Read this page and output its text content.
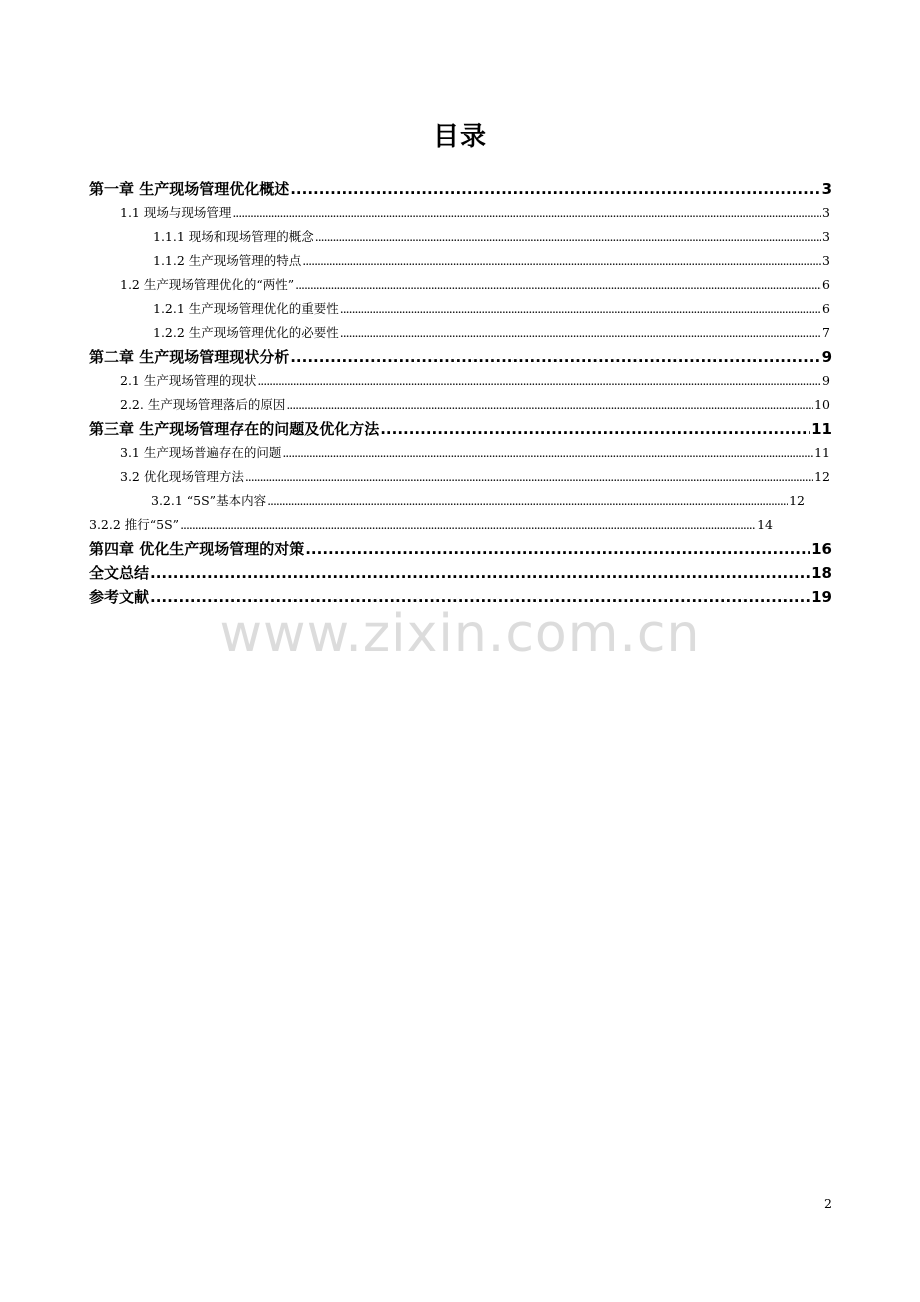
目录
第一章 生产现场管理优化概述 .....	3
1.1 现场与现场管理 . . .	3
1.1.1 现场和现场管理的概念 . . .	3
1.1.2 生产现场管理的特点 . . .	3
1.2 生产现场管理优化的“两性” . . .	6
1.2.1 生产现场管理优化的重要性 . . .	6
1.2.2 生产现场管理优化的必要性 . . .	7
第二章 生产现场管理现状分析 .....	9
2.1 生产现场管理的现状 . . .	9
2.2. 生产现场管理落后的原因 . . .	10
第三章 生产现场管理存在的问题及优化方法 .....	11
3.1 生产现场普遍存在的问题 . . .	11
3.2 优化现场管理方法 . . .	12
3.2.1 “5S”基本内容 . . .	12
3.2.2 推行“5S” . . .	14
第四章 优化生产现场管理的对策 .....	16
全文总结 .....	18
参考文献 .....	19
www.zixin.com.cn
2
